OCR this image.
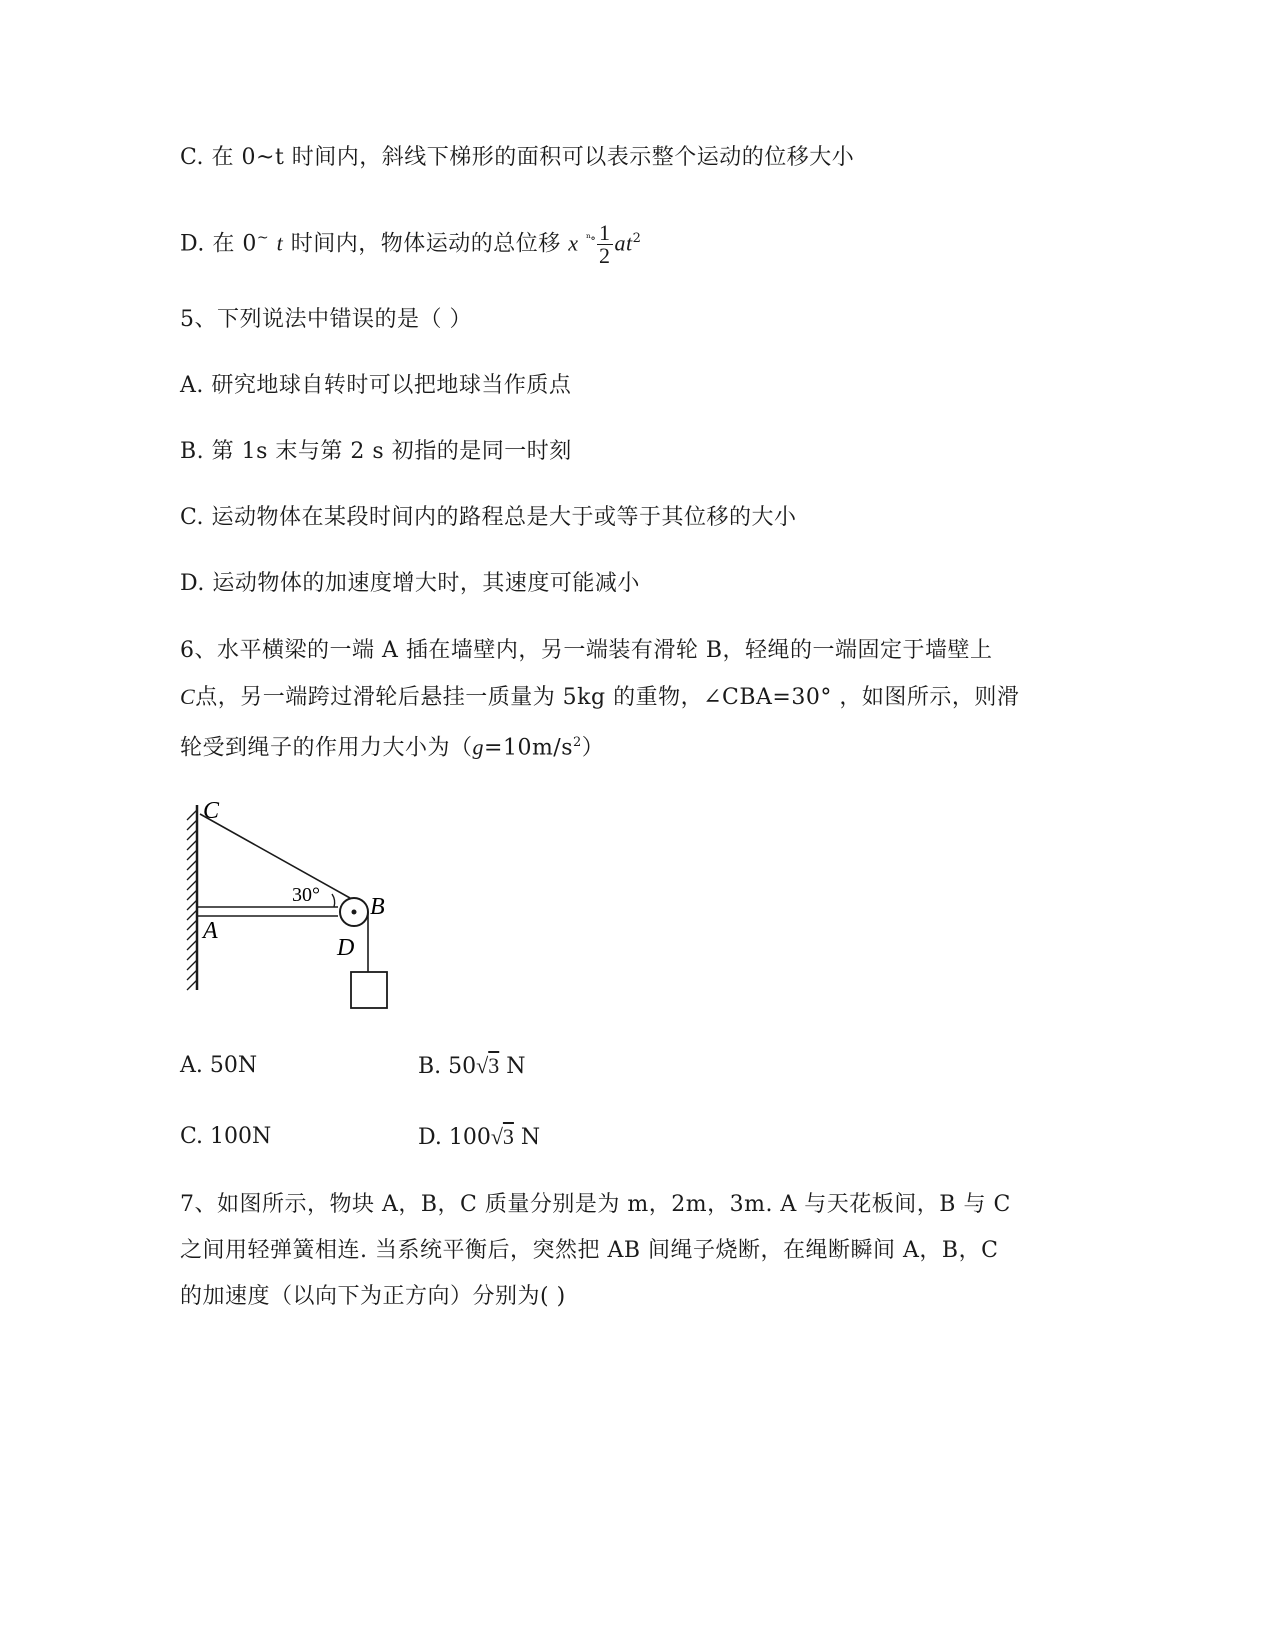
C. 在 0~t 时间内，斜线下梯形的面积可以表示整个运动的位移大小
D. 在 0~ t 时间内，物体运动的总位移 x $^{^n\circ} \frac{1}{2} at^2$
5、下列说法中错误的是（ ）
A. 研究地球自转时可以把地球当作质点
B. 第 1s 末与第 2 s 初指的是同一时刻
C. 运动物体在某段时间内的路程总是大于或等于其位移的大小
D. 运动物体的加速度增大时，其速度可能减小
6、水平横梁的一端 A 插在墙壁内，另一端装有滑轮 B，轻绳的一端固定于墙壁上
C点，另一端跨过滑轮后悬挂一质量为 5kg 的重物，∠CBA=30° ，如图所示，则滑
轮受到绳子的作用力大小为$(g=10m/s^2)$
C
A
B
D
30°
A. 50N	B. 50√3 N
C. 100N	D. 100√3 N
7、如图所示，物块 A，B，C 质量分别是为 m，2m，3m. A 与天花板间，B 与 C
之间用轻弹簧相连. 当系统平衡后，突然把 AB 间绳子烧断，在绳断瞬间 A，B，C
的加速度（以向下为正方向）分别为( )
